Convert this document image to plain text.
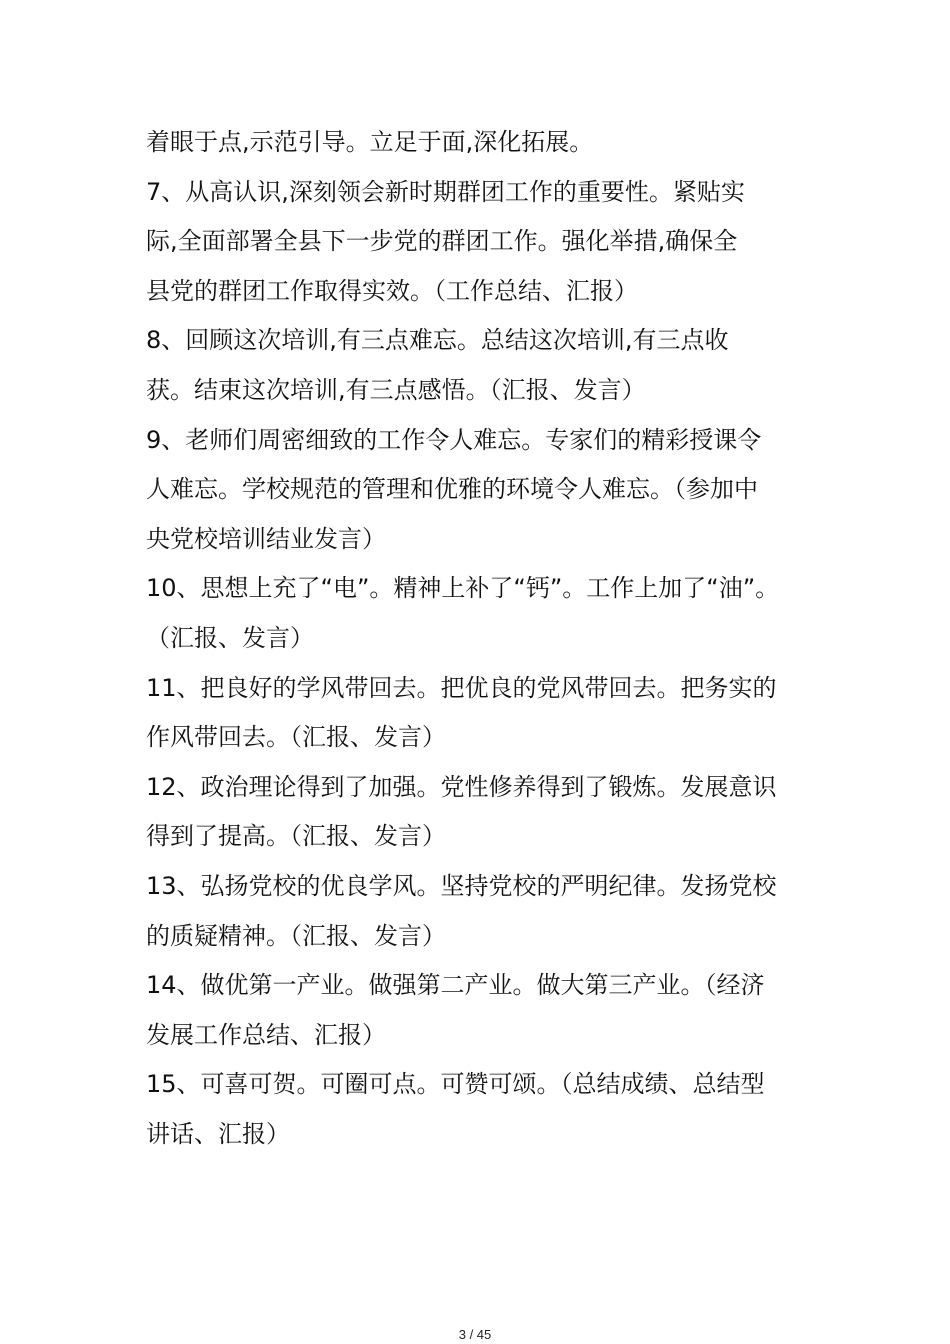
着眼于点,示范引导。立足于面,深化拓展。
7、从高认识,深刻领会新时期群团工作的重要性。紧贴实
际,全面部署全县下一步党的群团工作。强化举措,确保全
县党的群团工作取得实效。（工作总结、汇报）
8、回顾这次培训,有三点难忘。总结这次培训,有三点收
获。结束这次培训,有三点感悟。（汇报、发言）
9、老师们周密细致的工作令人难忘。专家们的精彩授课令
人难忘。学校规范的管理和优雅的环境令人难忘。（参加中
央党校培训结业发言）
10、思想上充了“电”。精神上补了“钙”。工作上加了“油”。
（汇报、发言）
11、把良好的学风带回去。把优良的党风带回去。把务实的
作风带回去。（汇报、发言）
12、政治理论得到了加强。党性修养得到了锻炼。发展意识
得到了提高。（汇报、发言）
13、弘扬党校的优良学风。坚持党校的严明纪律。发扬党校
的质疑精神。（汇报、发言）
14、做优第一产业。做强第二产业。做大第三产业。（经济
发展工作总结、汇报）
15、可喜可贺。可圈可点。可赞可颂。（总结成绩、总结型
讲话、汇报）
3 / 45
